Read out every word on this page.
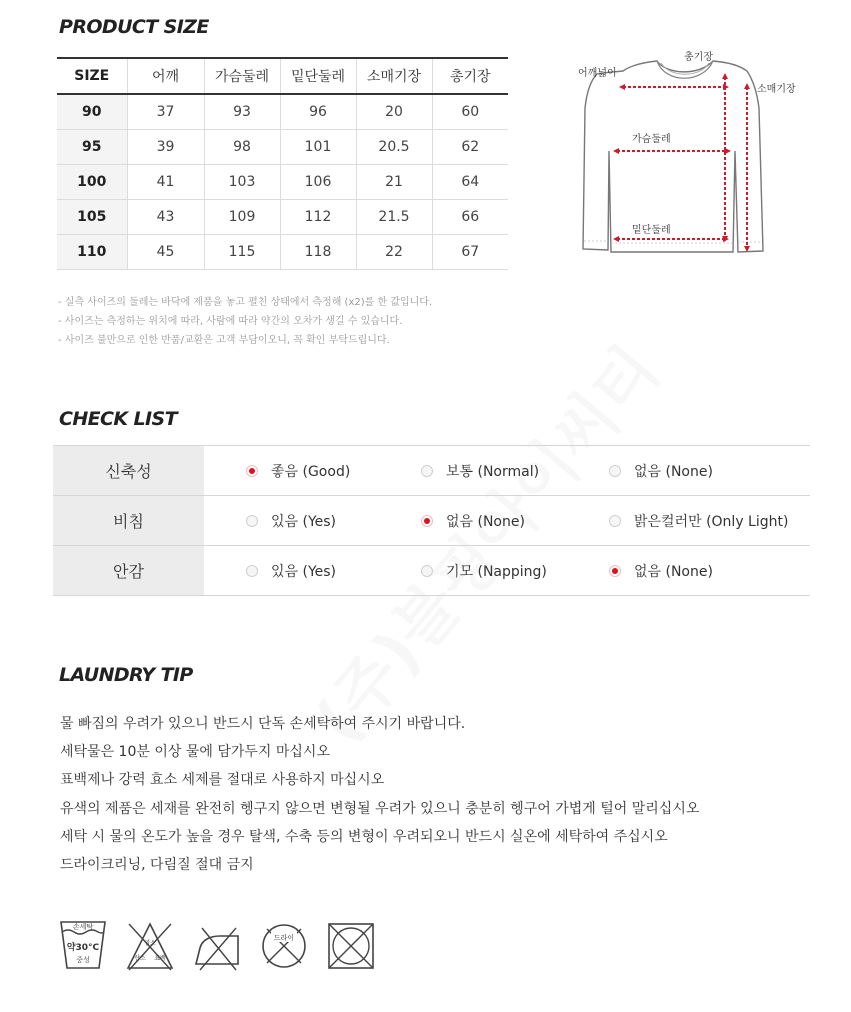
PRODUCT SIZE
SIZE	어깨	가슴둘레	밑단둘레	소매기장	총기장
90	37	93	96	20	60
95	39	98	101	20.5	62
100	41	103	106	21	64
105	43	109	112	21.5	66
110	45	115	118	22	67
- 실측 사이즈의 둘레는 바닥에 제품을 놓고 펼친 상태에서 측정해 (x2)를 한 값입니다.
- 사이즈는 측정하는 위치에 따라, 사람에 따라 약간의 오차가 생길 수 있습니다.
- 사이즈 불만으로 인한 반품/교환은 고객 부담이오니, 꼭 확인 부탁드립니다.
총기장
어깨넓이
소매기장
가슴둘레
밑단둘레
CHECK LIST
신축성	좋음 (Good)	보통 (Normal)	없음 (None)
비침	있음 (Yes)	없음 (None)	밝은컬러만 (Only Light)
안감	있음 (Yes)	기모 (Napping)	없음 (None)
LAUNDRY TIP
물 빠짐의 우려가 있으니 반드시 단독 손세탁하여 주시기 바랍니다.
세탁물은 10분 이상 물에 담가두지 마십시오
표백제나 강력 효소 세제를 절대로 사용하지 마십시오
유색의 제품은 세재를 완전히 헹구지 않으면 변형될 우려가 있으니 충분히 헹구어 가볍게 털어 말리십시오
세탁 시 물의 온도가 높을 경우 탈색, 수축 등의 변형이 우려되오니 반드시 실온에 세탁하여 주십시오
드라이크리닝, 다림질 절대 금지
손세탁
약30°C
중성
염소
산소 표백
드라이
